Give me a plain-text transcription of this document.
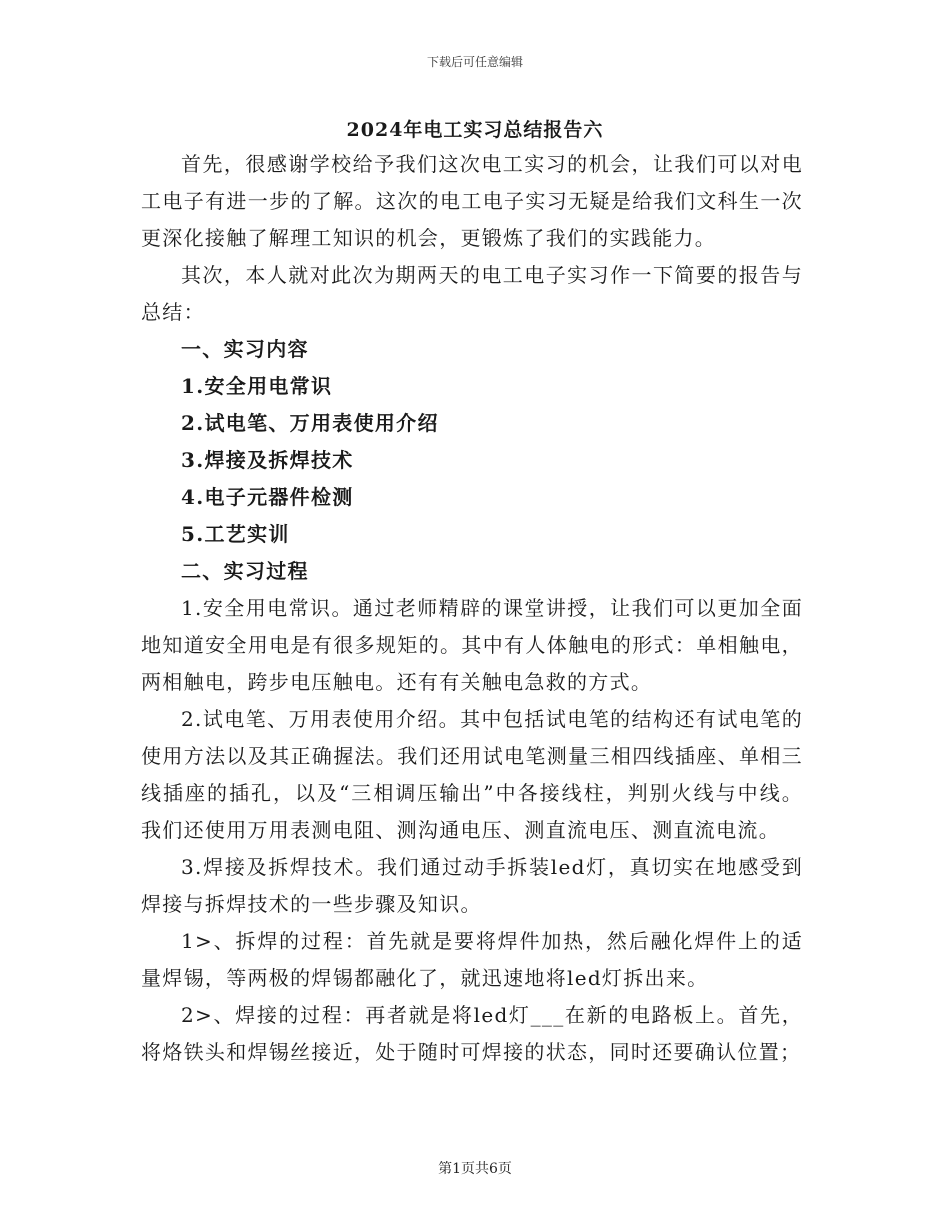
下载后可任意编辑
2024年电工实习总结报告六

首先，很感谢学校给予我们这次电工实习的机会，让我们可以对电工电子有进一步的了解。这次的电工电子实习无疑是给我们文科生一次更深化接触了解理工知识的机会，更锻炼了我们的实践能力。

其次，本人就对此次为期两天的电工电子实习作一下简要的报告与总结：

一、实习内容

1.安全用电常识

2.试电笔、万用表使用介绍

3.焊接及拆焊技术

4.电子元器件检测

5.工艺实训

二、实习过程

1.安全用电常识。通过老师精辟的课堂讲授，让我们可以更加全面地知道安全用电是有很多规矩的。其中有人体触电的形式：单相触电，两相触电，跨步电压触电。还有有关触电急救的方式。

2.试电笔、万用表使用介绍。其中包括试电笔的结构还有试电笔的使用方法以及其正确握法。我们还用试电笔测量三相四线插座、单相三线插座的插孔，以及“三相调压输出”中各接线柱，判别火线与中线。我们还使用万用表测电阻、测沟通电压、测直流电压、测直流电流。

3.焊接及拆焊技术。我们通过动手拆装led灯，真切实在地感受到焊接与拆焊技术的一些步骤及知识。

1>、拆焊的过程：首先就是要将焊件加热，然后融化焊件上的适量焊锡，等两极的焊锡都融化了，就迅速地将led灯拆出来。

2>、焊接的过程：再者就是将led灯___在新的电路板上。首先，将烙铁头和焊锡丝接近，处于随时可焊接的状态，同时还要确认位置；

第1页共6页
